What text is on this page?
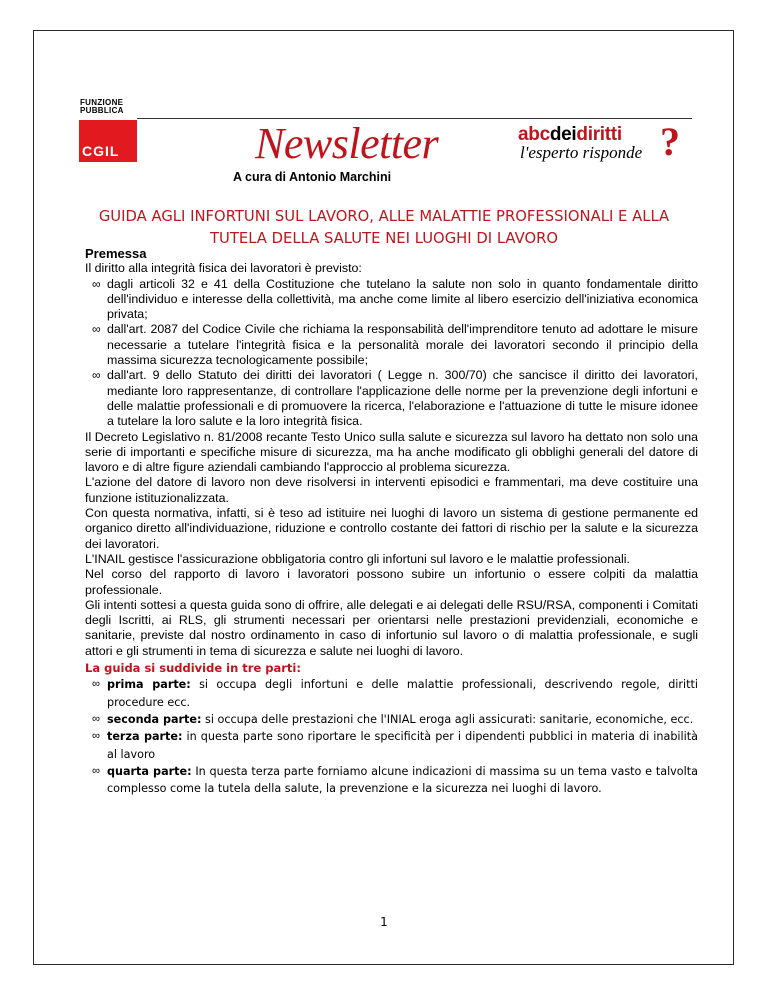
FUNZIONE
PUBBLICA
CGIL	Newsletter
A cura di Antonio Marchini
abcdeidiritti
l'esperto risponde ?
GUIDA AGLI INFORTUNI SUL LAVORO, ALLE MALATTIE PROFESSIONALI E ALLA
TUTELA DELLA SALUTE NEI LUOGHI DI LAVORO

Premessa

Il diritto alla integrità fisica dei lavoratori è previsto:

∞ dagli articoli 32 e 41 della Costituzione che tutelano la salute non solo in quanto fondamentale diritto dell'individuo e interesse della collettività, ma anche come limite al libero esercizio dell'iniziativa economica privata;
∞ dall'art. 2087 del Codice Civile che richiama la responsabilità dell'imprenditore tenuto ad adottare le misure necessarie a tutelare l'integrità fisica e la personalità morale dei lavoratori secondo il principio della massima sicurezza tecnologicamente possibile;
∞ dall'art. 9 dello Statuto dei diritti dei lavoratori ( Legge n. 300/70) che sancisce il diritto dei lavoratori, mediante loro rappresentanze, di controllare l'applicazione delle norme per la prevenzione degli infortuni e delle malattie professionali e di promuovere la ricerca, l'elaborazione e l'attuazione di tutte le misure idonee a tutelare la loro salute e la loro integrità fisica.

Il Decreto Legislativo n. 81/2008 recante Testo Unico sulla salute e sicurezza sul lavoro ha dettato non solo una serie di importanti e specifiche misure di sicurezza, ma ha anche modificato gli obblighi generali del datore di lavoro e di altre figure aziendali cambiando l'approccio al problema sicurezza.

L'azione del datore di lavoro non deve risolversi in interventi episodici e frammentari, ma deve costituire una funzione istituzionalizzata.

Con questa normativa, infatti, si è teso ad istituire nei luoghi di lavoro un sistema di gestione permanente ed organico diretto all'individuazione, riduzione e controllo costante dei fattori di rischio per la salute e la sicurezza dei lavoratori.

L'INAIL gestisce l'assicurazione obbligatoria contro gli infortuni sul lavoro e le malattie professionali.

Nel corso del rapporto di lavoro i lavoratori possono subire un infortunio o essere colpiti da malattia professionale.

Gli intenti sottesi a questa guida sono di offrire, alle delegati e ai delegati delle RSU/RSA, componenti i Comitati degli Iscritti, ai RLS, gli strumenti necessari per orientarsi nelle prestazioni previdenziali, economiche e sanitarie, previste dal nostro ordinamento in caso di infortunio sul lavoro o di malattia professionale, e sugli attori e gli strumenti in tema di sicurezza e salute nei luoghi di lavoro.

La guida si suddivide in tre parti:

∞ prima parte: si occupa degli infortuni e delle malattie professionali, descrivendo regole, diritti procedure ecc.
∞ seconda parte: si occupa delle prestazioni che l'INIAL eroga agli assicurati: sanitarie, economiche, ecc.
∞ terza parte: in questa parte sono riportare le specificità per i dipendenti pubblici in materia di inabilità al lavoro
∞ quarta parte: In questa terza parte forniamo alcune indicazioni di massima su un tema vasto e talvolta complesso come la tutela della salute, la prevenzione e la sicurezza nei luoghi di lavoro.
1
